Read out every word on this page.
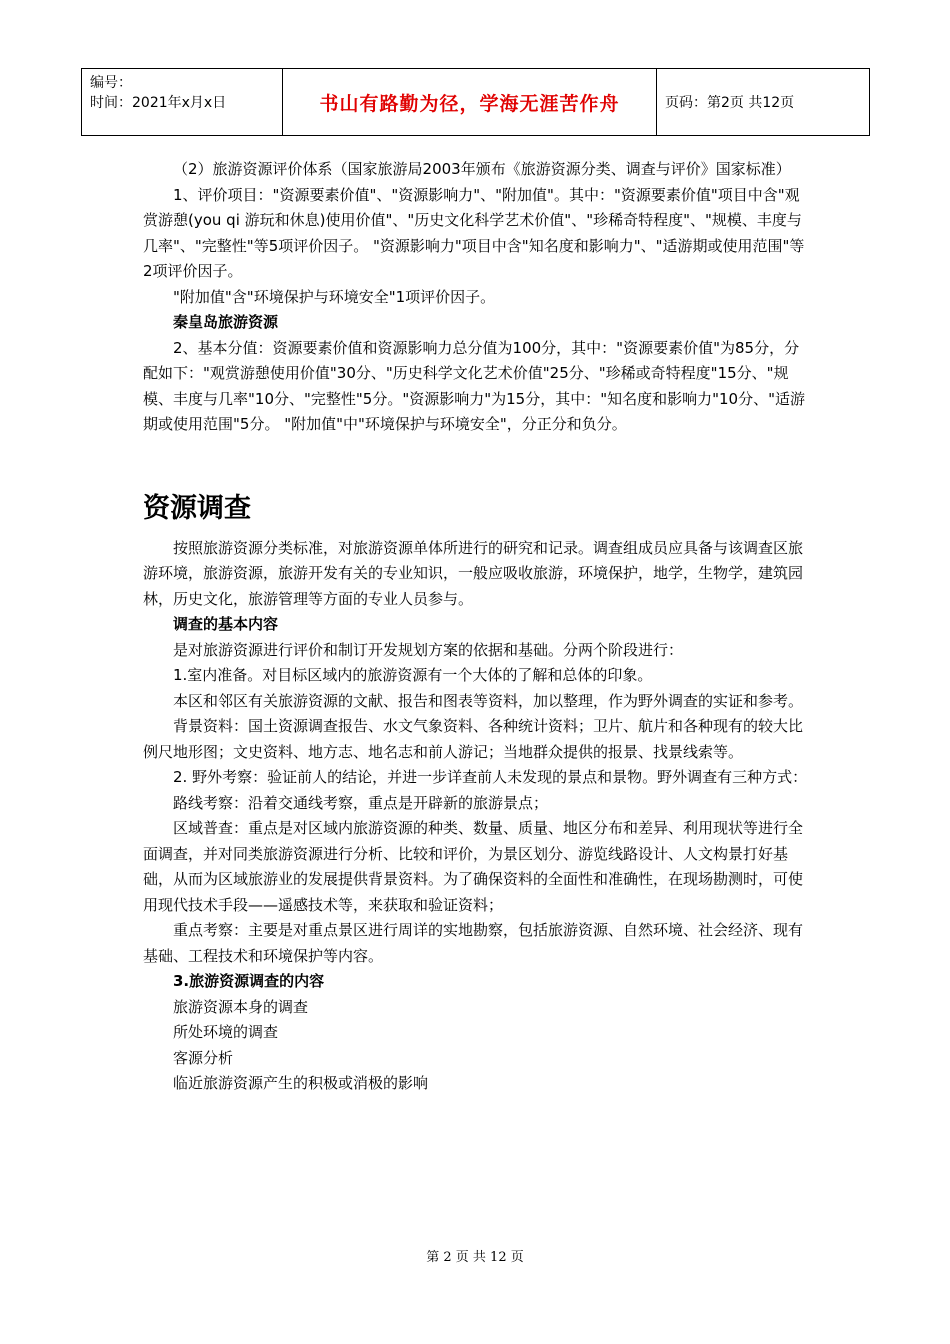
编号：
时间：2021年x月x日	书山有路勤为径，学海无涯苦作舟	页码：第2页 共12页

（2）旅游资源评价体系（国家旅游局2003年颁布《旅游资源分类、调查与评价》国家标准）

1、评价项目："资源要素价值"、"资源影响力"、"附加值"。其中："资源要素价值"项目中含"观赏游憩(you qi 游玩和休息)使用价值"、"历史文化科学艺术价值"、"珍稀奇特程度"、"规模、丰度与几率"、"完整性"等5项评价因子。 "资源影响力"项目中含"知名度和影响力"、"适游期或使用范围"等2项评价因子。

"附加值"含"环境保护与环境安全"1项评价因子。

秦皇岛旅游资源

2、基本分值：资源要素价值和资源影响力总分值为100分，其中："资源要素价值"为85分，分配如下："观赏游憩使用价值"30分、"历史科学文化艺术价值"25分、"珍稀或奇特程度"15分、"规模、丰度与几率"10分、"完整性"5分。"资源影响力"为15分，其中："知名度和影响力"10分、"适游期或使用范围"5分。 "附加值"中"环境保护与环境安全"，分正分和负分。

资源调查

按照旅游资源分类标准，对旅游资源单体所进行的研究和记录。调查组成员应具备与该调查区旅游环境，旅游资源，旅游开发有关的专业知识，一般应吸收旅游，环境保护，地学，生物学，建筑园林，历史文化，旅游管理等方面的专业人员参与。

调查的基本内容

是对旅游资源进行评价和制订开发规划方案的依据和基础。分两个阶段进行：

1.室内准备。对目标区域内的旅游资源有一个大体的了解和总体的印象。

本区和邻区有关旅游资源的文献、报告和图表等资料，加以整理，作为野外调查的实证和参考。

背景资料：国土资源调查报告、水文气象资料、各种统计资料；卫片、航片和各种现有的较大比例尺地形图；文史资料、地方志、地名志和前人游记；当地群众提供的报景、找景线索等。

2. 野外考察：验证前人的结论，并进一步详查前人未发现的景点和景物。野外调查有三种方式：

路线考察：沿着交通线考察，重点是开辟新的旅游景点；

区域普查：重点是对区域内旅游资源的种类、数量、质量、地区分布和差异、利用现状等进行全面调查，并对同类旅游资源进行分析、比较和评价，为景区划分、游览线路设计、人文构景打好基础，从而为区域旅游业的发展提供背景资料。为了确保资料的全面性和准确性，在现场勘测时，可使用现代技术手段——遥感技术等，来获取和验证资料；

重点考察：主要是对重点景区进行周详的实地勘察，包括旅游资源、自然环境、社会经济、现有基础、工程技术和环境保护等内容。

3.旅游资源调查的内容

旅游资源本身的调查

所处环境的调查

客源分析

临近旅游资源产生的积极或消极的影响

第 2 页 共 12 页
